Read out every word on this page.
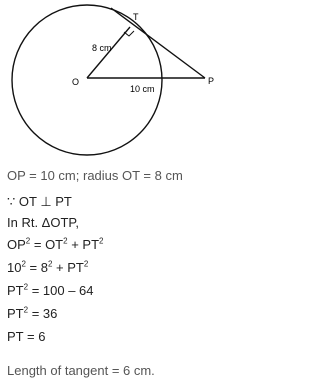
T
O	P
8 cm
10 cm
OP = 10 cm; radius OT = 8 cm
∵ OT ⊥ PT
In Rt. ΔOTP,
$OP^2 = OT^2 + PT^2$
$10^2 = 8^2 + PT^2$
$PT^2 = 100 - 64$
$PT^2 = 36$
PT = 6
Length of tangent = 6 cm.
